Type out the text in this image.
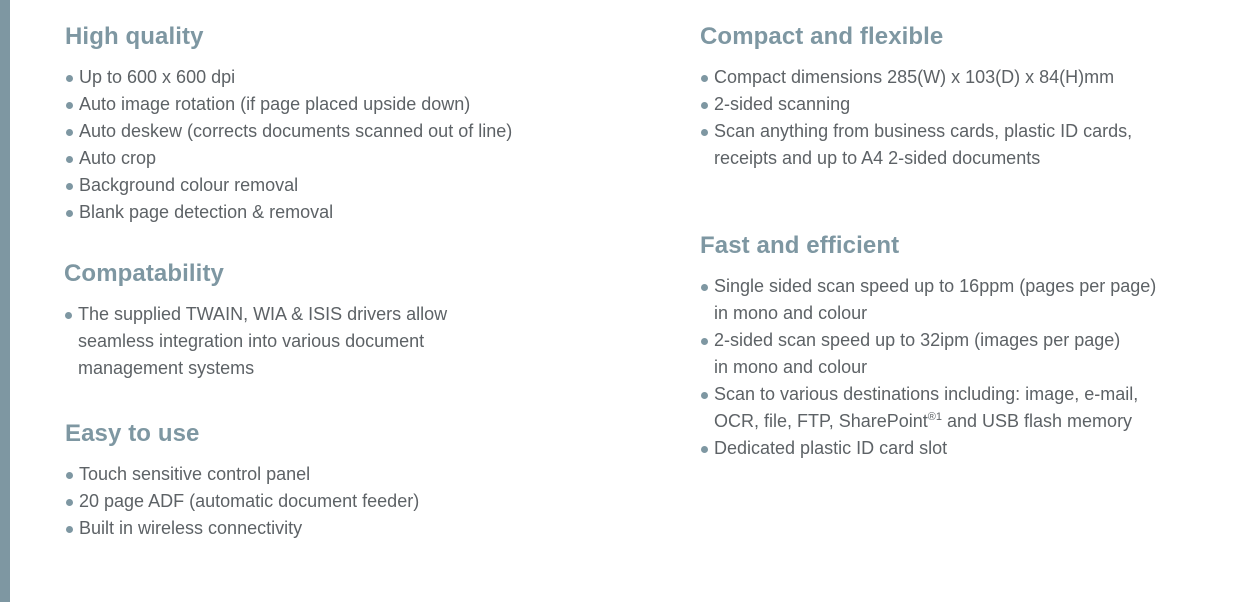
High quality
Up to 600 x 600 dpi
Auto image rotation (if page placed upside down)
Auto deskew (corrects documents scanned out of line)
Auto crop
Background colour removal
Blank page detection & removal
Compatability
The supplied TWAIN, WIA & ISIS drivers allow
seamless integration into various document
management systems
Easy to use
Touch sensitive control panel
20 page ADF (automatic document feeder)
Built in wireless connectivity
Compact and flexible
Compact dimensions 285(W) x 103(D) x 84(H)mm
2-sided scanning
Scan anything from business cards, plastic ID cards,
receipts and up to A4 2-sided documents
Fast and efficient
Single sided scan speed up to 16ppm (pages per page)
in mono and colour
2-sided scan speed up to 32ipm (images per page)
in mono and colour
Scan to various destinations including: image, e-mail,
OCR, file, FTP, SharePoint$^{®1}$ and USB flash memory
Dedicated plastic ID card slot
